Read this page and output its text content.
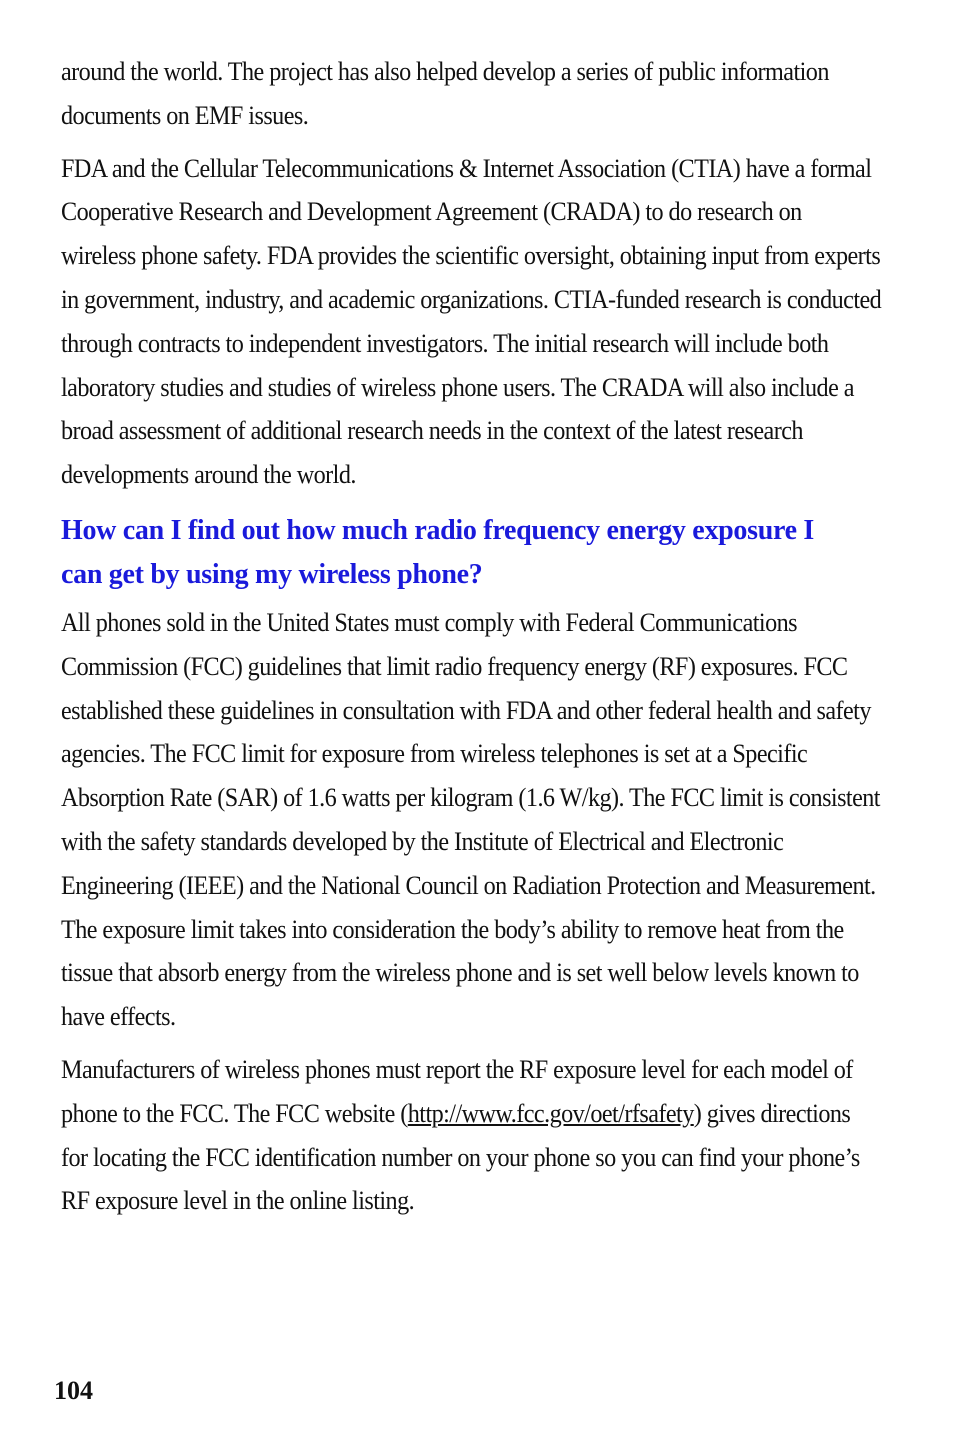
around the world. The project has also helped develop a series of public information documents on EMF issues.

FDA and the Cellular Telecommunications & Internet Association (CTIA) have a formal Cooperative Research and Development Agreement (CRADA) to do research on wireless phone safety. FDA provides the scientific oversight, obtaining input from experts in government, industry, and academic organizations. CTIA-funded research is conducted through contracts to independent investigators. The initial research will include both laboratory studies and studies of wireless phone users. The CRADA will also include a broad assessment of additional research needs in the context of the latest research developments around the world.

How can I find out how much radio frequency energy exposure I can get by using my wireless phone?

All phones sold in the United States must comply with Federal Communications Commission (FCC) guidelines that limit radio frequency energy (RF) exposures. FCC established these guidelines in consultation with FDA and other federal health and safety agencies. The FCC limit for exposure from wireless telephones is set at a Specific Absorption Rate (SAR) of 1.6 watts per kilogram (1.6 W/kg). The FCC limit is consistent with the safety standards developed by the Institute of Electrical and Electronic Engineering (IEEE) and the National Council on Radiation Protection and Measurement. The exposure limit takes into consideration the body’s ability to remove heat from the tissue that absorb energy from the wireless phone and is set well below levels known to have effects.

Manufacturers of wireless phones must report the RF exposure level for each model of phone to the FCC. The FCC website (http://www.fcc.gov/oet/rfsafety) gives directions for locating the FCC identification number on your phone so you can find your phone’s RF exposure level in the online listing.

104
